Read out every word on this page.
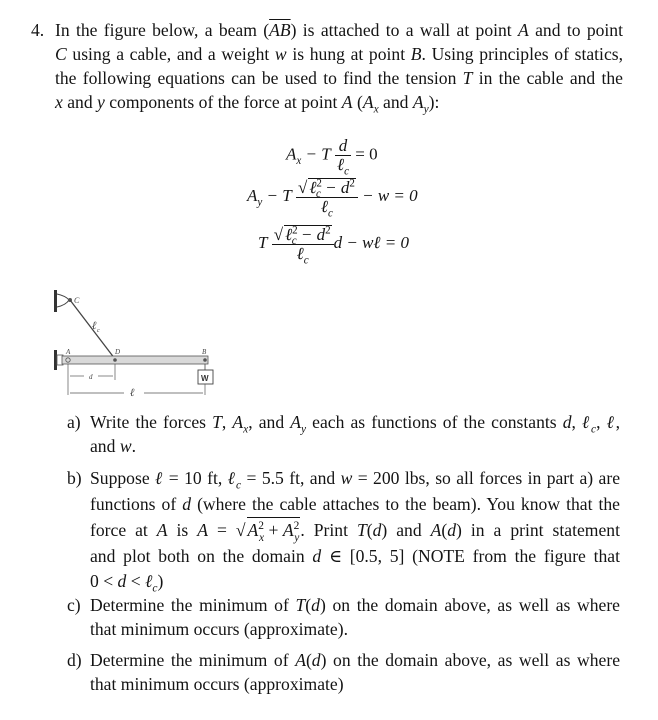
4. In the figure below, a beam $(\overline{AB})$ is attached to a wall at point A and to point
C using a cable, and a weight w is hung at point B. Using principles of statics,
the following equations can be used to find the tension T in the cable and the
x and y components of the force at point A ($A_x$ and $A_y$):
$A_x - T \frac{d}{\ell_c} = 0$
$A_y - T \frac{√ \ell^2_c - d^2}{\ell_c} - w = 0$
T $\frac{√ \ell^2_c - d^2}{\ell_c}$ d − wℓ = 0
C
ℓ c
A	D	B
W
d
ℓ
a) Write the forces T, $A_x$, and $A_y$ each as functions of the constants d, ℓ$_c$, ℓ,
and w.
b) Suppose ℓ = 10 ft, ℓ$_c$ = 5.5 ft, and w = 200 lbs, so all forces in part a) are
functions of d (where the cable attaches to the beam). You know that the
force at A is A = √ $A^2_x + A^2_y$. Print T(d) and A(d) in a print statement
and plot both on the domain d ∈ [0.5, 5] (NOTE from the figure that
0 < d < ℓ$_c$)
c) Determine the minimum of T(d) on the domain above, as well as where
that minimum occurs (approximate).
d) Determine the minimum of A(d) on the domain above, as well as where
that minimum occurs (approximate)
